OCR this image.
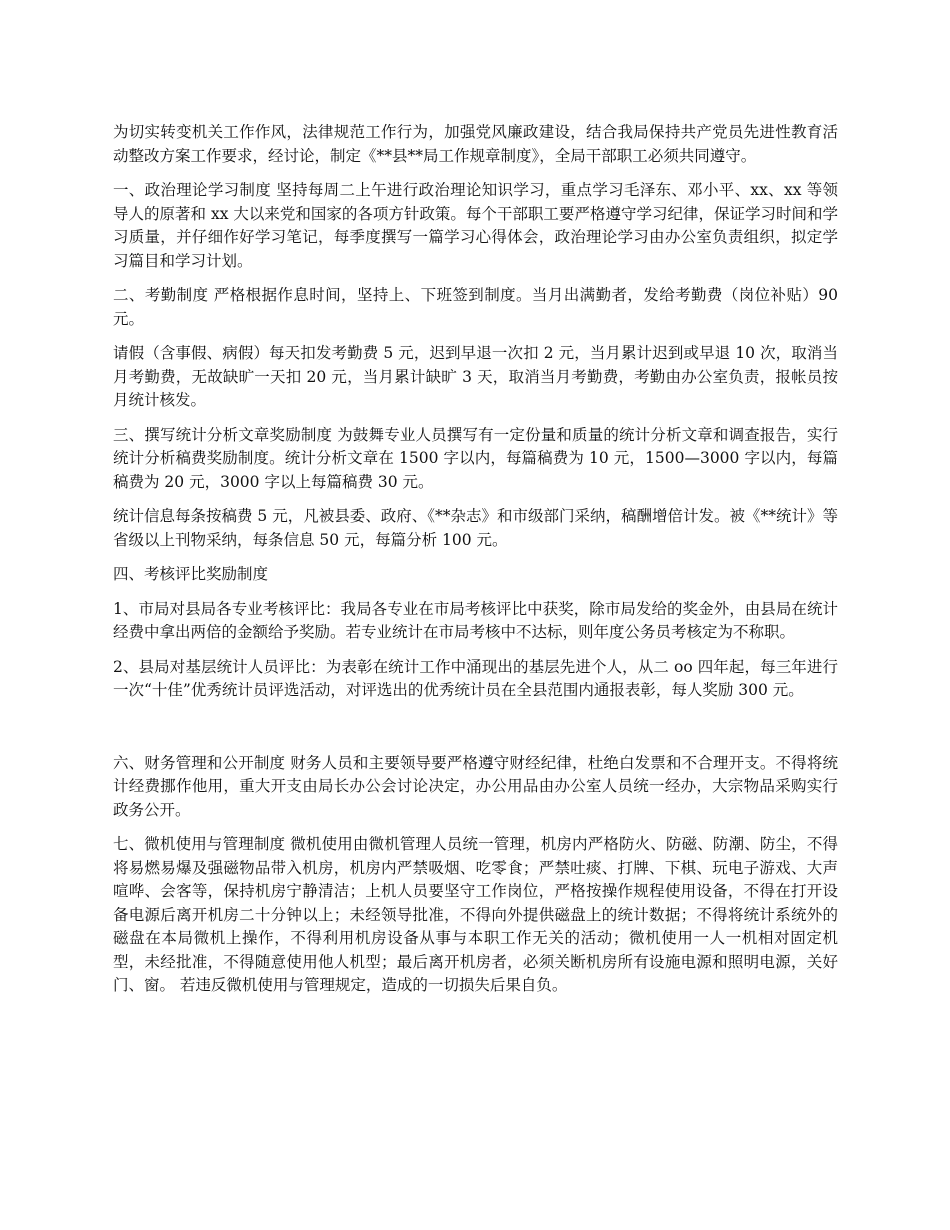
为切实转变机关工作作风，法律规范工作行为，加强党风廉政建设，结合我局保持共产党员先进性教育活动整改方案工作要求，经讨论，制定《**县**局工作规章制度》，全局干部职工必须共同遵守。

一、政治理论学习制度 坚持每周二上午进行政治理论知识学习，重点学习毛泽东、邓小平、xx、xx 等领导人的原著和 xx 大以来党和国家的各项方针政策。每个干部职工要严格遵守学习纪律，保证学习时间和学习质量，并仔细作好学习笔记，每季度撰写一篇学习心得体会，政治理论学习由办公室负责组织，拟定学习篇目和学习计划。

二、考勤制度 严格根据作息时间，坚持上、下班签到制度。当月出满勤者，发给考勤费（岗位补贴）90 元。

请假（含事假、病假）每天扣发考勤费 5 元，迟到早退一次扣 2 元，当月累计迟到或早退 10 次，取消当月考勤费，无故缺旷一天扣 20 元，当月累计缺旷 3 天，取消当月考勤费，考勤由办公室负责，报帐员按月统计核发。

三、撰写统计分析文章奖励制度 为鼓舞专业人员撰写有一定份量和质量的统计分析文章和调查报告，实行统计分析稿费奖励制度。统计分析文章在 1500 字以内，每篇稿费为 10 元，1500—3000 字以内，每篇稿费为 20 元，3000 字以上每篇稿费 30 元。

统计信息每条按稿费 5 元，凡被县委、政府、《**杂志》和市级部门采纳，稿酬增倍计发。被《**统计》等省级以上刊物采纳，每条信息 50 元，每篇分析 100 元。

四、考核评比奖励制度

1、市局对县局各专业考核评比：我局各专业在市局考核评比中获奖，除市局发给的奖金外，由县局在统计经费中拿出两倍的金额给予奖励。若专业统计在市局考核中不达标，则年度公务员考核定为不称职。

2、县局对基层统计人员评比：为表彰在统计工作中涌现出的基层先进个人，从二 oo 四年起，每三年进行一次“十佳”优秀统计员评选活动，对评选出的优秀统计员在全县范围内通报表彰，每人奖励 300 元。

六、财务管理和公开制度 财务人员和主要领导要严格遵守财经纪律，杜绝白发票和不合理开支。不得将统计经费挪作他用，重大开支由局长办公会讨论决定，办公用品由办公室人员统一经办，大宗物品采购实行政务公开。

七、微机使用与管理制度 微机使用由微机管理人员统一管理，机房内严格防火、防磁、防潮、防尘，不得将易燃易爆及强磁物品带入机房，机房内严禁吸烟、吃零食；严禁吐痰、打牌、下棋、玩电子游戏、大声喧哗、会客等，保持机房宁静清洁；上机人员要坚守工作岗位，严格按操作规程使用设备，不得在打开设备电源后离开机房二十分钟以上；未经领导批准，不得向外提供磁盘上的统计数据；不得将统计系统外的磁盘在本局微机上操作，不得利用机房设备从事与本职工作无关的活动；微机使用一人一机相对固定机型，未经批准，不得随意使用他人机型；最后离开机房者，必须关断机房所有设施电源和照明电源，关好门、窗。 若违反微机使用与管理规定，造成的一切损失后果自负。
